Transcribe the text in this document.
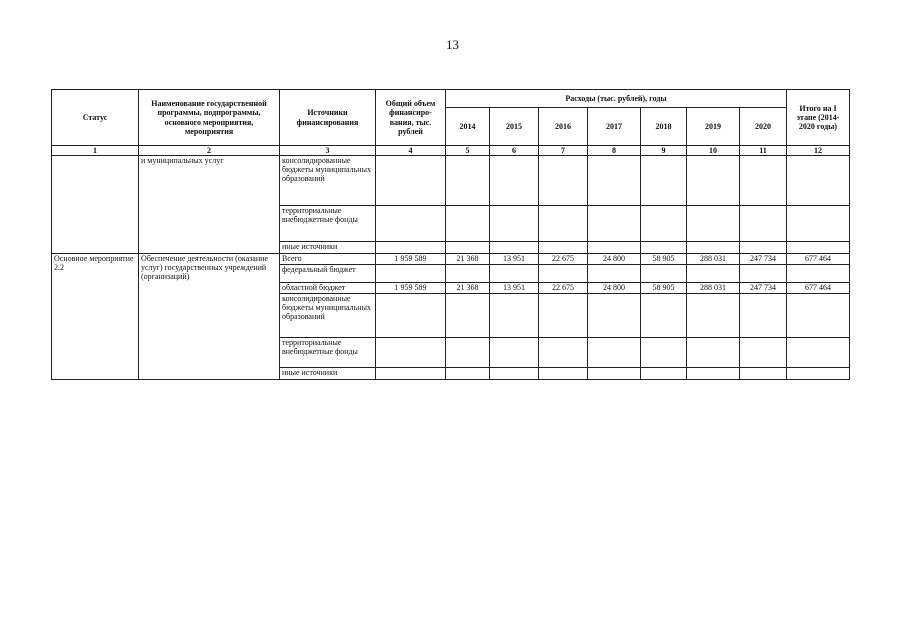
13
Статус	Наименование государственной программы, подпрограммы, основного мероприятия, мероприятия	Источники финансирования	Общий объем финансиро-вания, тыс. рублей	Расходы (тыс. рублей), годы							Итого на I этапе (2014-2020 годы)
				2014	2015	2016	2017	2018	2019	2020	
1	2	3	4	5	6	7	8	9	10	11	12
	и муниципальных услуг	консолидированные бюджеты муниципальных образований									
		территориальные внебюджетные фонды									
		иные источники									
Основное мероприятие 2.2	Обеспечение деятельности (оказание услуг) государственных учреждений (организаций)	Всего	1 959 589	21 368	13 951	22 675	24 800	58 905	288 031	247 734	677 464
		федеральный бюджет									
		областной бюджет	1 959 589	21 368	13 951	22 675	24 800	58 905	288 031	247 734	677 464
		консолидированные бюджеты муниципальных образований									
		территориальные внебюджетные фонды									
		иные источники									
